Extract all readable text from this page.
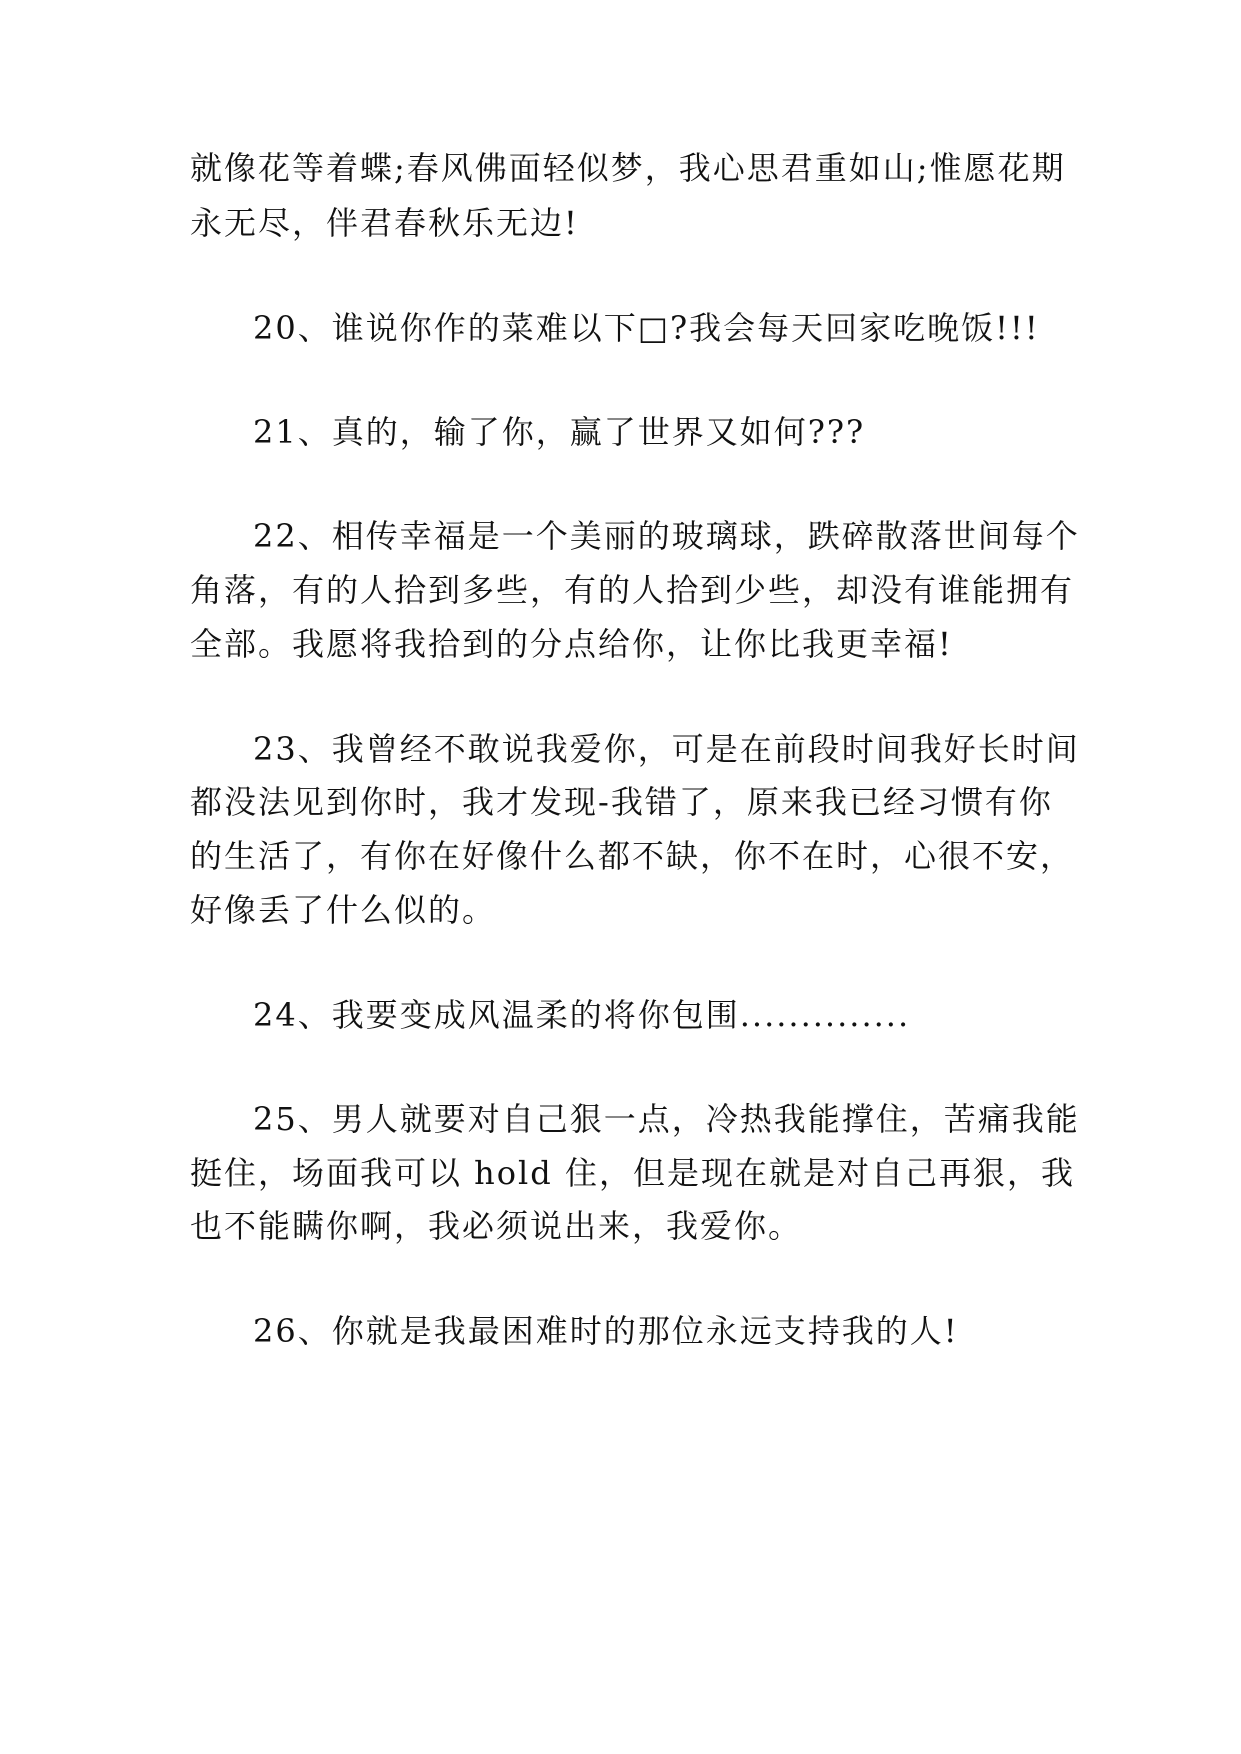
就像花等着蝶;春风佛面轻似梦，我心思君重如山;惟愿花期
永无尽，伴君春秋乐无边!
20、谁说你作的菜难以下□?我会每天回家吃晚饭!!!
21、真的，输了你，赢了世界又如何???
22、相传幸福是一个美丽的玻璃球，跌碎散落世间每个
角落，有的人拾到多些，有的人拾到少些，却没有谁能拥有
全部。我愿将我拾到的分点给你，让你比我更幸福!
23、我曾经不敢说我爱你，可是在前段时间我好长时间
都没法见到你时，我才发现-我错了，原来我已经习惯有你
的生活了，有你在好像什么都不缺，你不在时，心很不安，
好像丢了什么似的。
24、我要变成风温柔的将你包围..............
25、男人就要对自己狠一点，冷热我能撑住，苦痛我能
挺住，场面我可以 hold 住，但是现在就是对自己再狠，我
也不能瞒你啊，我必须说出来，我爱你。
26、你就是我最困难时的那位永远支持我的人!
